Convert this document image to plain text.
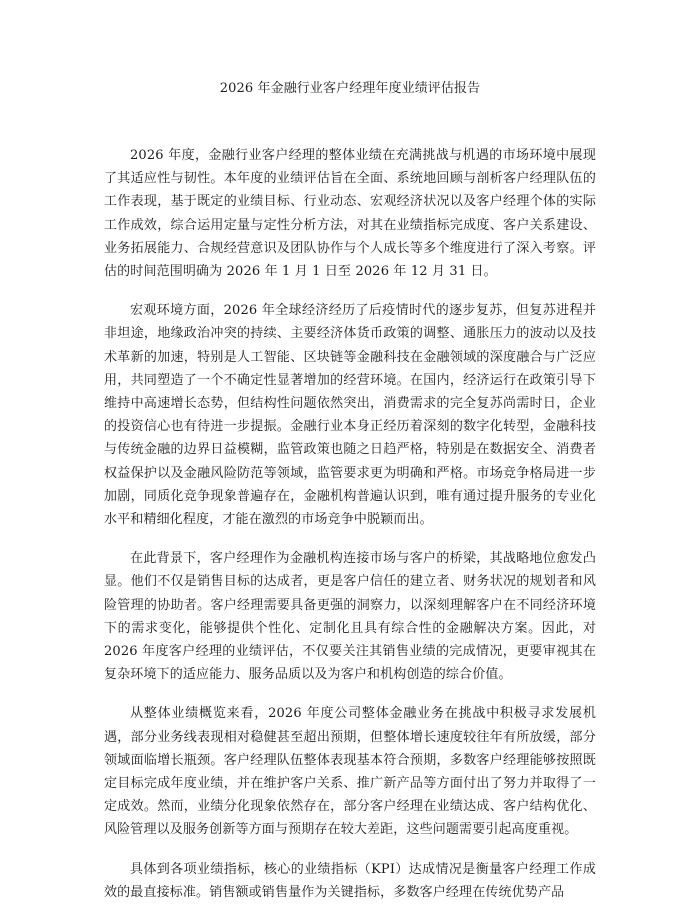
2026 年金融行业客户经理年度业绩评估报告

2026 年度，金融行业客户经理的整体业绩在充满挑战与机遇的市场环境中展现了其适应性与韧性。本年度的业绩评估旨在全面、系统地回顾与剖析客户经理队伍的工作表现，基于既定的业绩目标、行业动态、宏观经济状况以及客户经理个体的实际工作成效，综合运用定量与定性分析方法，对其在业绩指标完成度、客户关系建设、业务拓展能力、合规经营意识及团队协作与个人成长等多个维度进行了深入考察。评估的时间范围明确为 2026 年 1 月 1 日至 2026 年 12 月 31 日。

宏观环境方面，2026 年全球经济经历了后疫情时代的逐步复苏，但复苏进程并非坦途，地缘政治冲突的持续、主要经济体货币政策的调整、通胀压力的波动以及技术革新的加速，特别是人工智能、区块链等金融科技在金融领域的深度融合与广泛应用，共同塑造了一个不确定性显著增加的经营环境。在国内，经济运行在政策引导下维持中高速增长态势，但结构性问题依然突出，消费需求的完全复苏尚需时日，企业的投资信心也有待进一步提振。金融行业本身正经历着深刻的数字化转型，金融科技与传统金融的边界日益模糊，监管政策也随之日趋严格，特别是在数据安全、消费者权益保护以及金融风险防范等领域，监管要求更为明确和严格。市场竞争格局进一步加剧，同质化竞争现象普遍存在，金融机构普遍认识到，唯有通过提升服务的专业化水平和精细化程度，才能在激烈的市场竞争中脱颖而出。

在此背景下，客户经理作为金融机构连接市场与客户的桥梁，其战略地位愈发凸显。他们不仅是销售目标的达成者，更是客户信任的建立者、财务状况的规划者和风险管理的协助者。客户经理需要具备更强的洞察力，以深刻理解客户在不同经济环境下的需求变化，能够提供个性化、定制化且具有综合性的金融解决方案。因此，对 2026 年度客户经理的业绩评估，不仅要关注其销售业绩的完成情况，更要审视其在复杂环境下的适应能力、服务品质以及为客户和机构创造的综合价值。

从整体业绩概览来看，2026 年度公司整体金融业务在挑战中积极寻求发展机遇，部分业务线表现相对稳健甚至超出预期，但整体增长速度较往年有所放缓，部分领域面临增长瓶颈。客户经理队伍整体表现基本符合预期，多数客户经理能够按照既定目标完成年度业绩，并在维护客户关系、推广新产品等方面付出了努力并取得了一定成效。然而，业绩分化现象依然存在，部分客户经理在业绩达成、客户结构优化、风险管理以及服务创新等方面与预期存在较大差距，这些问题需要引起高度重视。

具体到各项业绩指标，核心的业绩指标（KPI）达成情况是衡量客户经理工作成效的最直接标准。销售额或销售量作为关键指标，多数客户经理在传统优势产品
